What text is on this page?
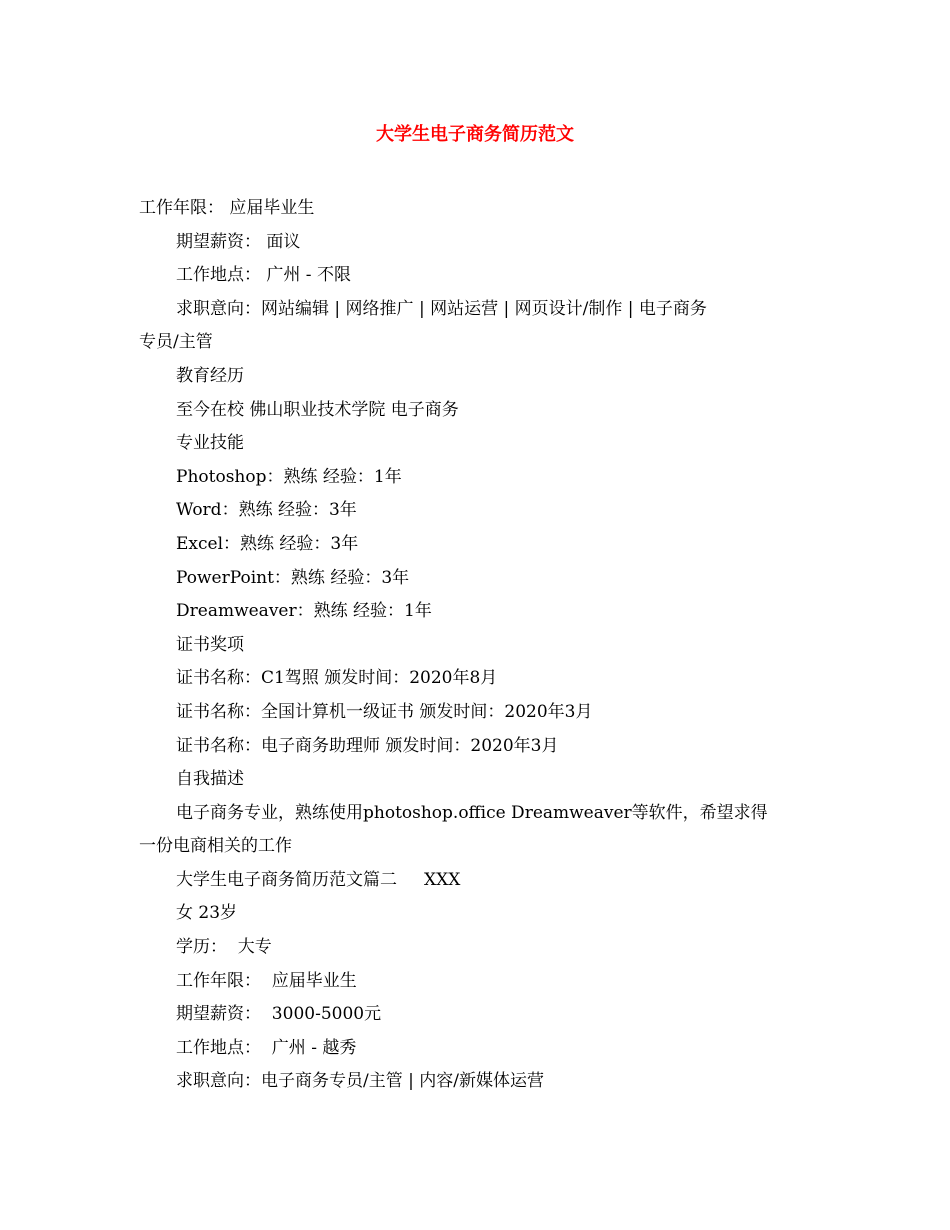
大学生电子商务简历范文
工作年限： 应届毕业生
期望薪资： 面议
工作地点： 广州 - 不限
求职意向：网站编辑 | 网络推广 | 网站运营 | 网页设计/制作 | 电子商务
专员/主管
教育经历
至今在校 佛山职业技术学院 电子商务
专业技能
Photoshop：熟练 经验：1年
Word：熟练 经验：3年
Excel：熟练 经验：3年
PowerPoint：熟练 经验：3年
Dreamweaver：熟练 经验：1年
证书奖项
证书名称：C1驾照 颁发时间：2020年8月
证书名称：全国计算机一级证书 颁发时间：2020年3月
证书名称：电子商务助理师 颁发时间：2020年3月
自我描述
电子商务专业，熟练使用photoshop.office Dreamweaver等软件，希望求得
一份电商相关的工作
大学生电子商务简历范文篇二     XXX
女 23岁
学历：  大专
工作年限：  应届毕业生
期望薪资：  3000-5000元
工作地点：  广州 - 越秀
求职意向：电子商务专员/主管 | 内容/新媒体运营
